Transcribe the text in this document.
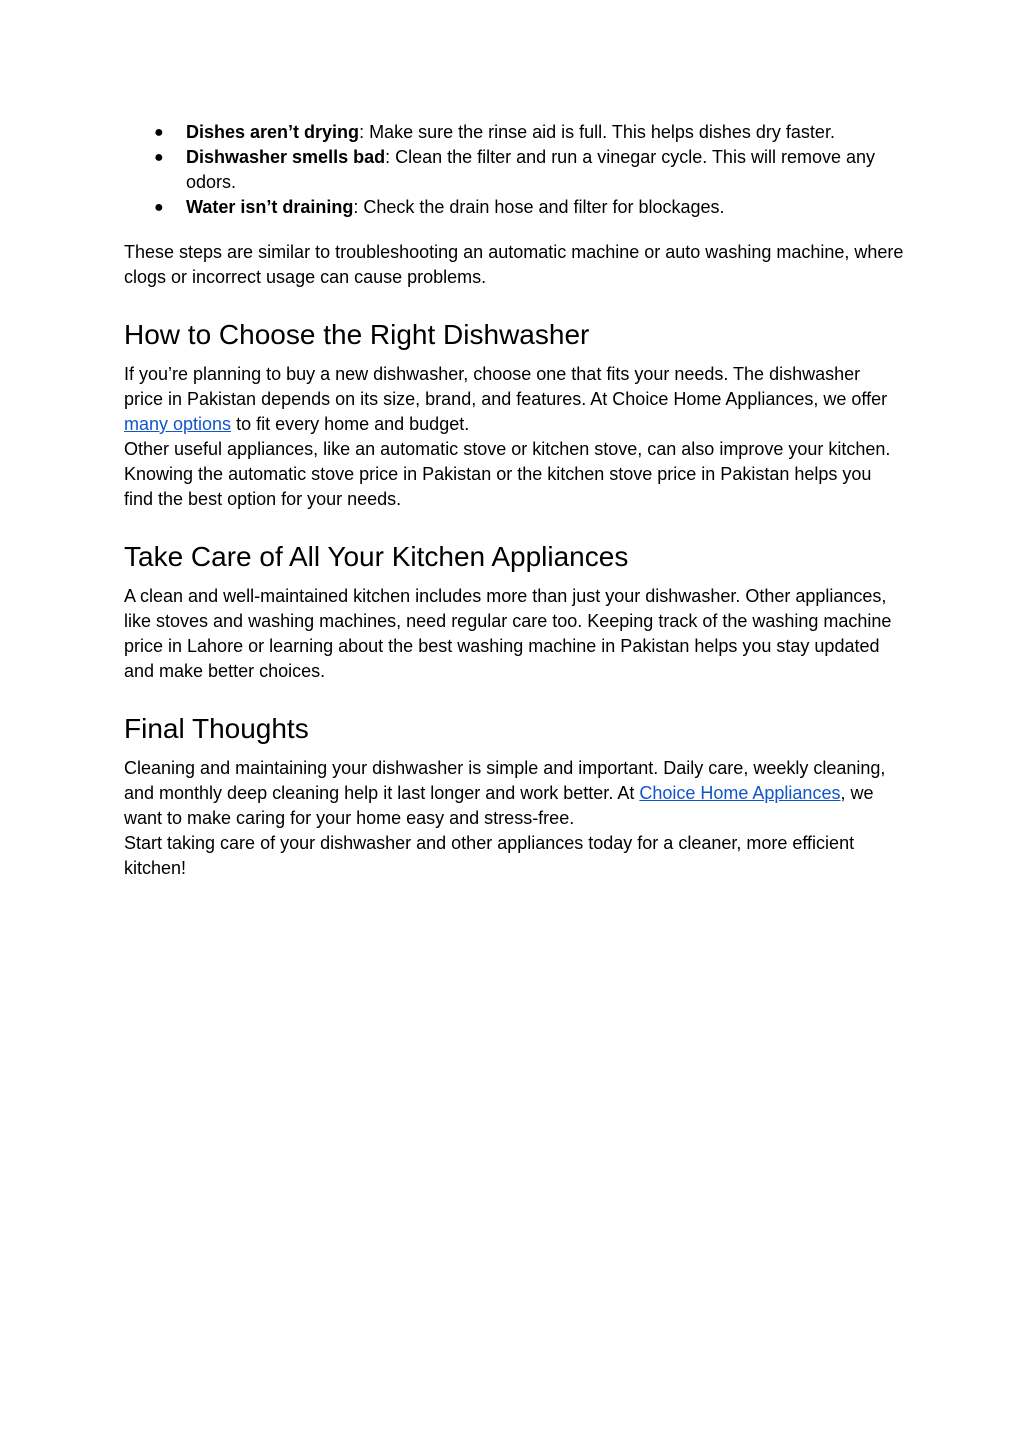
● Dishes aren’t drying: Make sure the rinse aid is full. This helps dishes dry faster.
● Dishwasher smells bad: Clean the filter and run a vinegar cycle. This will remove any odors.
● Water isn’t draining: Check the drain hose and filter for blockages.

These steps are similar to troubleshooting an automatic machine or auto washing machine, where clogs or incorrect usage can cause problems.

How to Choose the Right Dishwasher

If you’re planning to buy a new dishwasher, choose one that fits your needs. The dishwasher price in Pakistan depends on its size, brand, and features. At Choice Home Appliances, we offer many options to fit every home and budget.

Other useful appliances, like an automatic stove or kitchen stove, can also improve your kitchen. Knowing the automatic stove price in Pakistan or the kitchen stove price in Pakistan helps you find the best option for your needs.

Take Care of All Your Kitchen Appliances

A clean and well-maintained kitchen includes more than just your dishwasher. Other appliances, like stoves and washing machines, need regular care too. Keeping track of the washing machine price in Lahore or learning about the best washing machine in Pakistan helps you stay updated and make better choices.

Final Thoughts

Cleaning and maintaining your dishwasher is simple and important. Daily care, weekly cleaning, and monthly deep cleaning help it last longer and work better. At Choice Home Appliances, we want to make caring for your home easy and stress-free.

Start taking care of your dishwasher and other appliances today for a cleaner, more efficient kitchen!
